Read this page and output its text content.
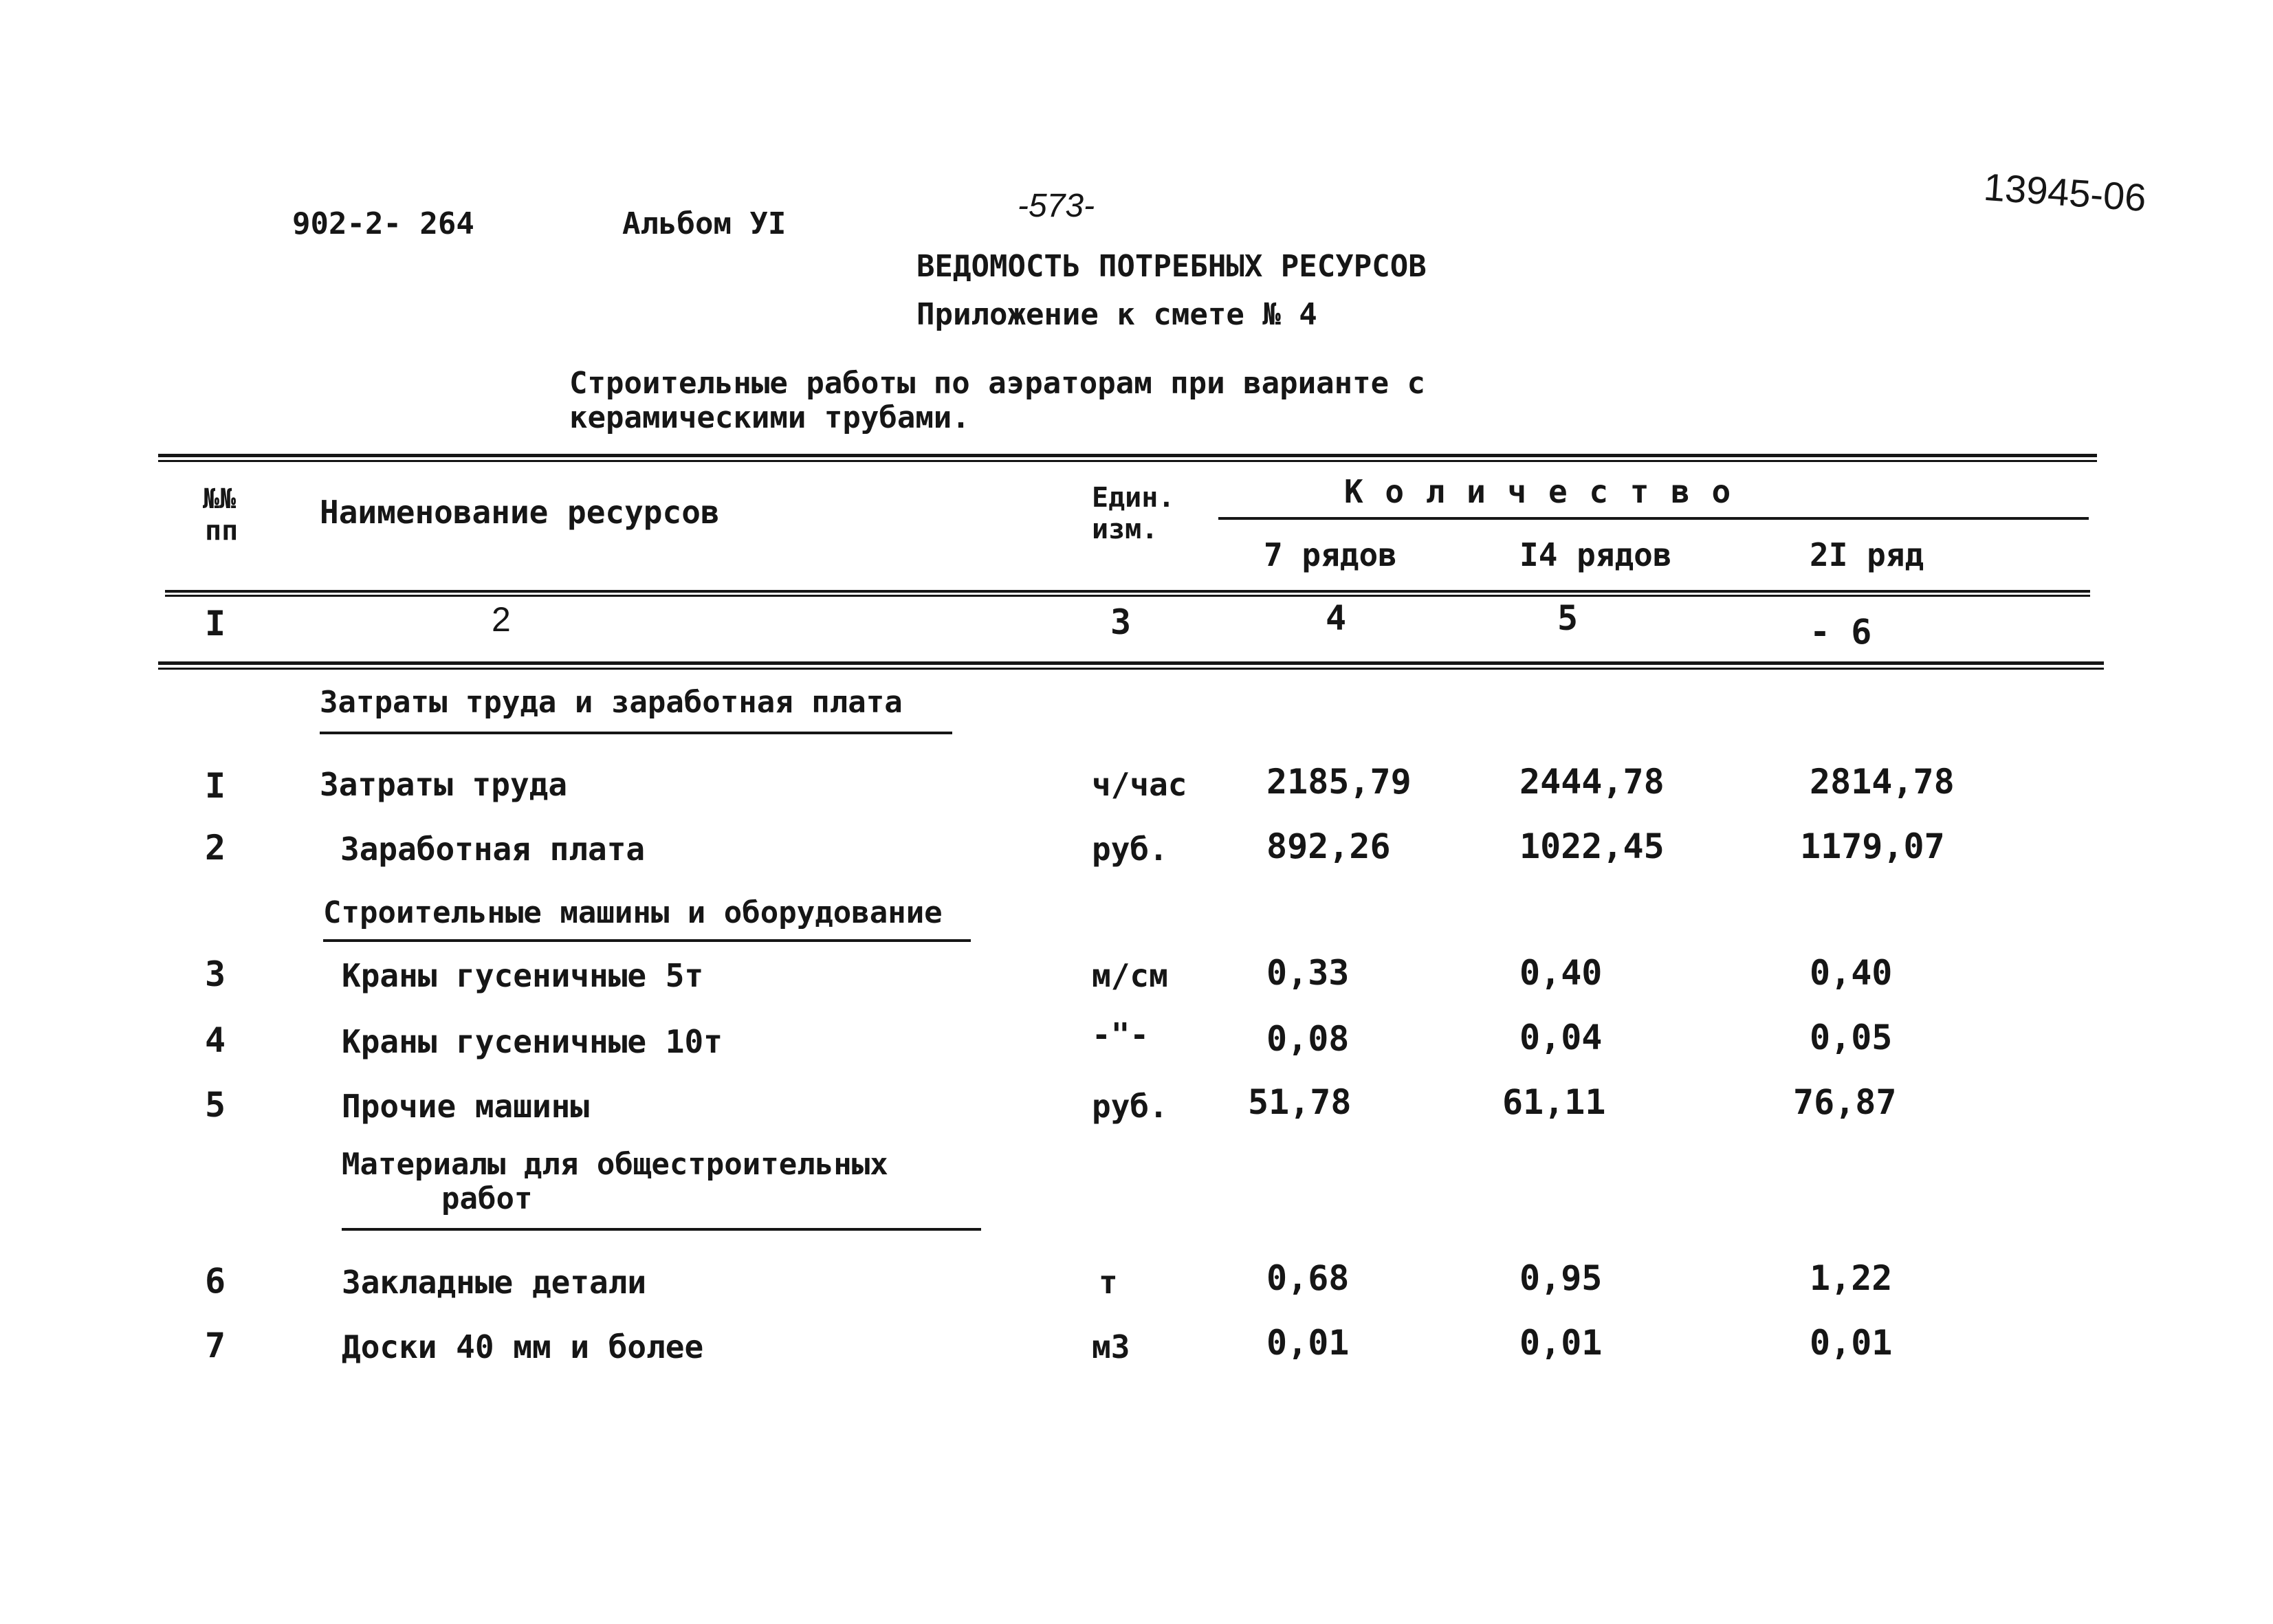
902-2- 264	Альбом УI	-573-	13945-06
ВЕДОМОСТЬ ПОТРЕБНЫХ РЕСУРСОВ
Приложение к смете № 4
Строительные работы по аэраторам при варианте с
керамическими трубами.
№№
пп	Наименование ресурсов	Един.
изм.
К о л и ч е с т в о
7 рядов	I4 рядов	2I ряд
I	2	3	4	5	- 6
Затраты труда и заработная плата
I	Затраты труда	ч/час 2185,79	2444,78	2814,78
2	Заработная плата	руб.	892,26	1022,45	1179,07
Строительные машины и оборудование
3	Краны гусеничные 5т	м/см	0,33	0,40	0,40
4	Краны гусеничные 10т	-"-	0,08	0,04	0,05
5	Прочие машины	руб. 51,78	61,11	76,87
Материалы для общестроительных
работ
6	Закладные детали	т	0,68	0,95	1,22
7	Доски 40 мм и более	м3	0,01	0,01	0,01
